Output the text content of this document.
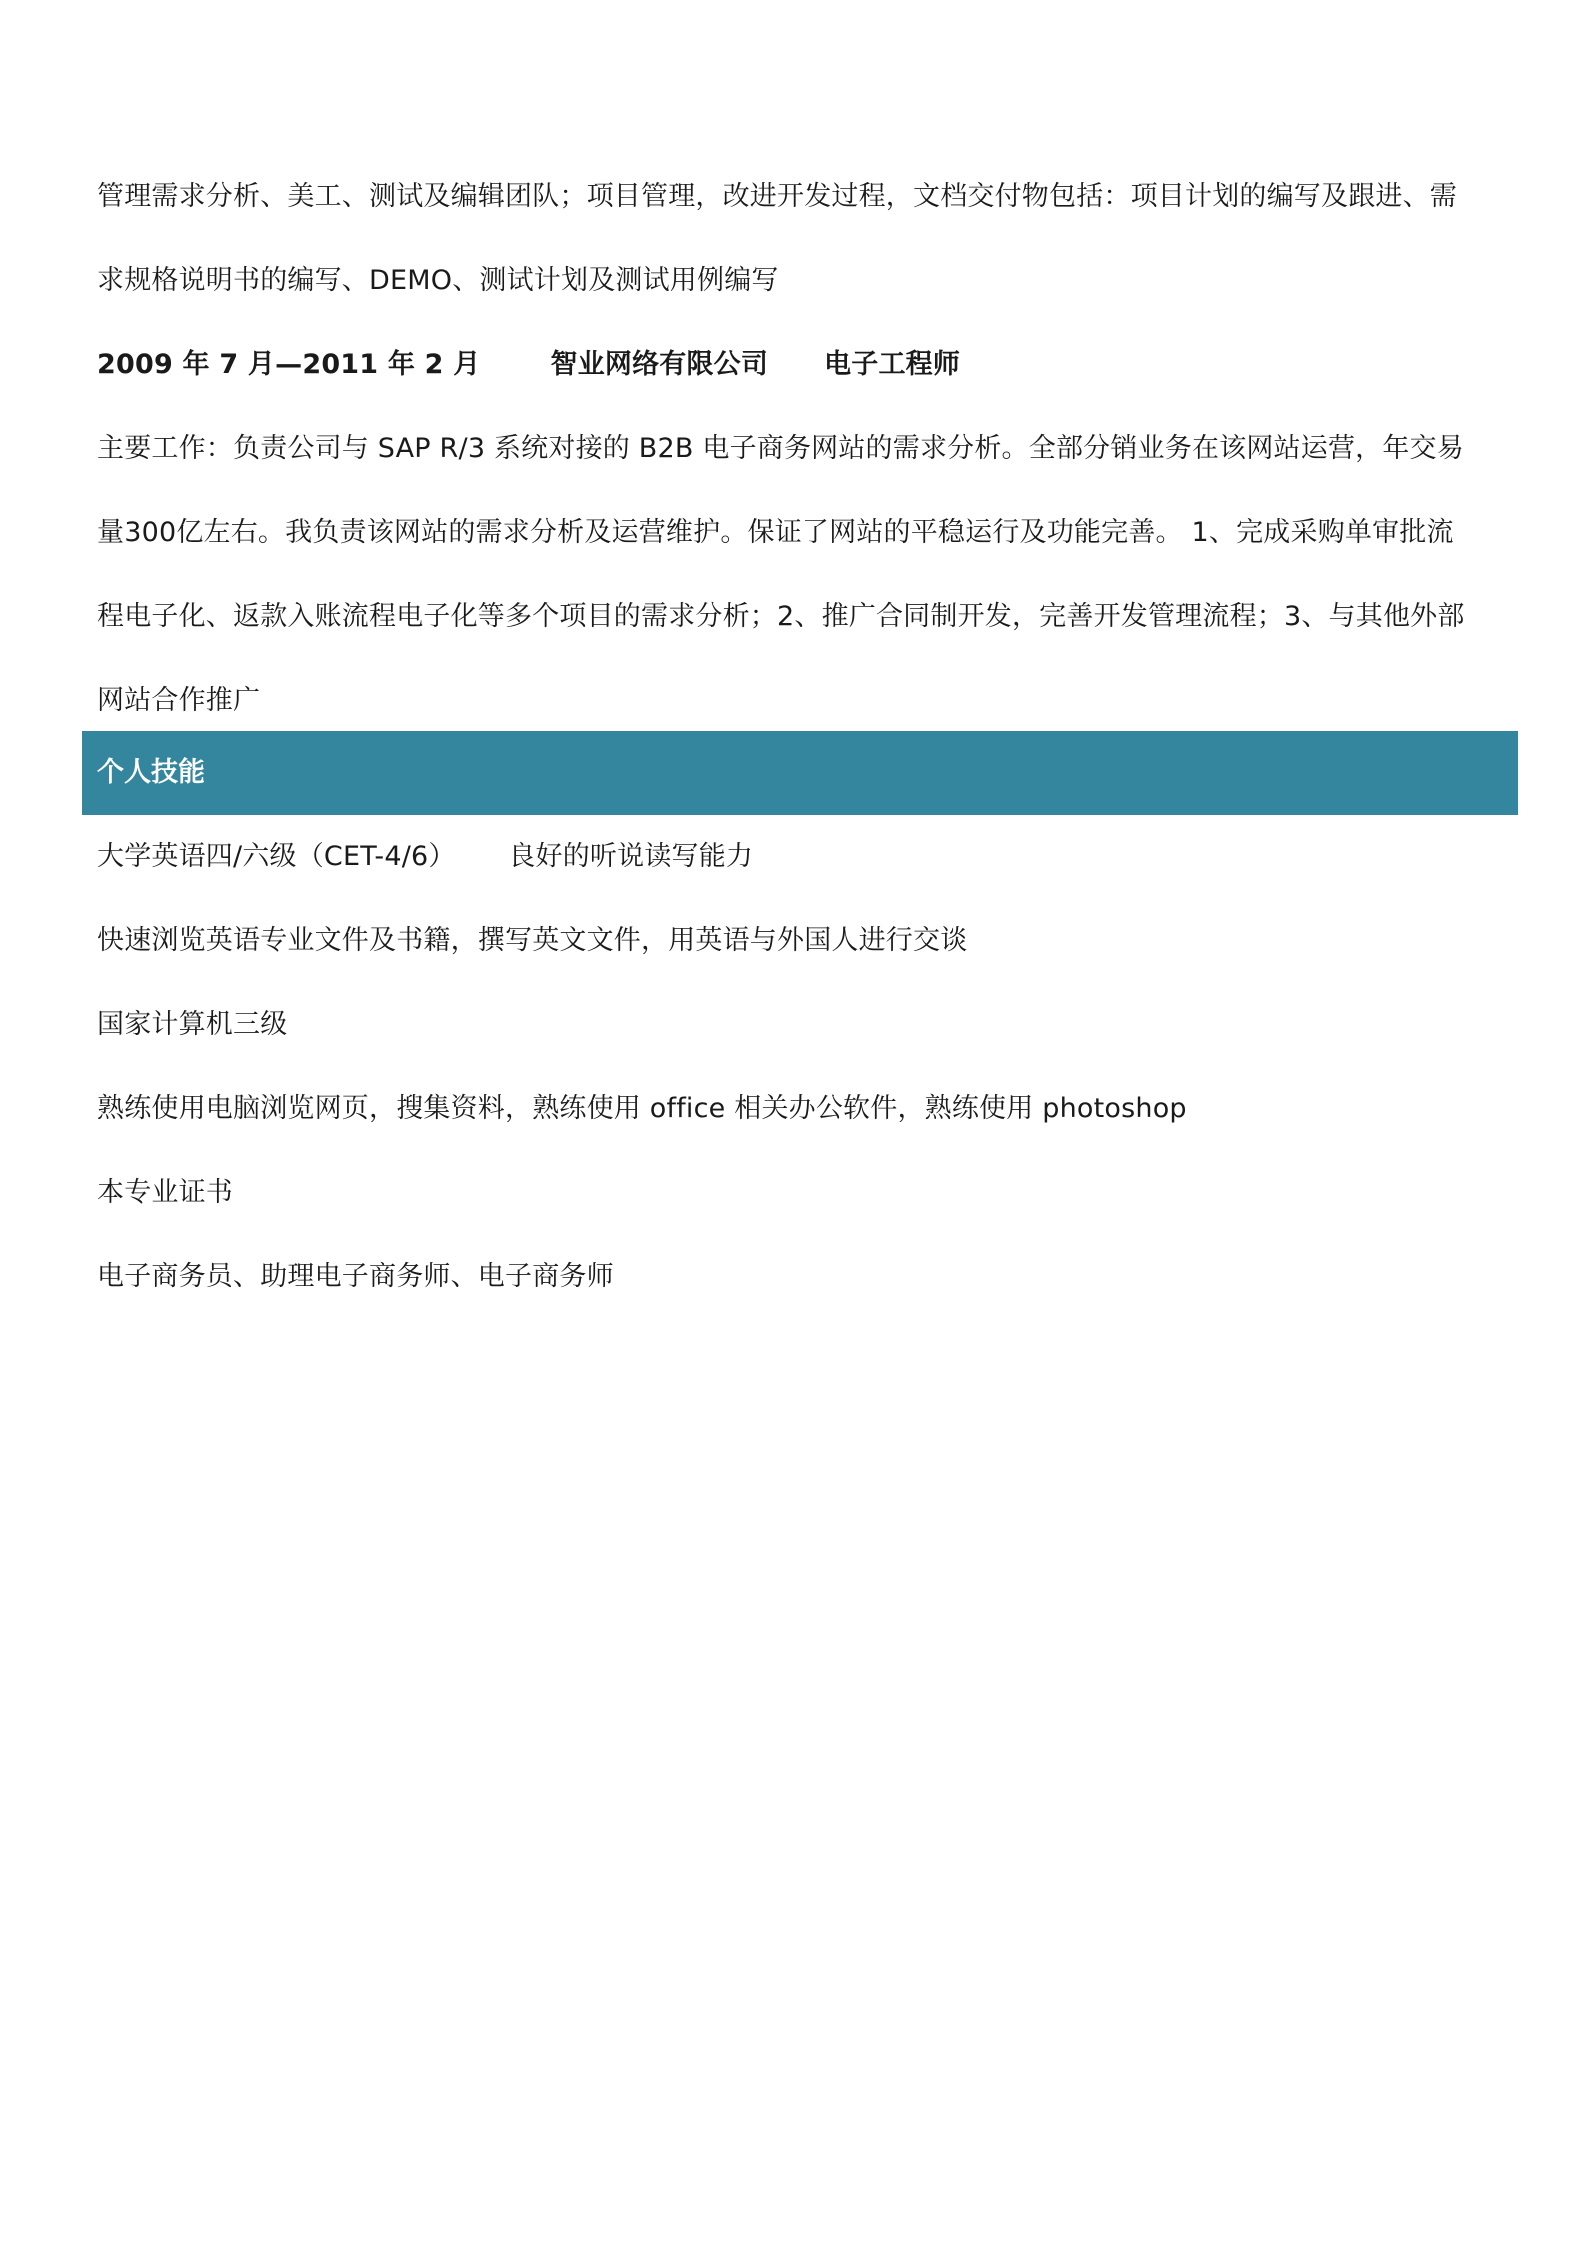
管理需求分析、美工、测试及编辑团队；项目管理，改进开发过程，文档交付物包括：项目计划的编写及跟进、需
求规格说明书的编写、DEMO、测试计划及测试用例编写
2009 年 7 月—2011 年 2 月	智业网络有限公司 电子工程师
主要工作：负责公司与 SAP R/3 系统对接的 B2B 电子商务网站的需求分析。全部分销业务在该网站运营，年交易
量300亿左右。我负责该网站的需求分析及运营维护。保证了网站的平稳运行及功能完善。 1、完成采购单审批流
程电子化、返款入账流程电子化等多个项目的需求分析；2、推广合同制开发，完善开发管理流程；3、与其他外部
网站合作推广
个人技能
大学英语四/六级（CET-4/6）      良好的听说读写能力
快速浏览英语专业文件及书籍，撰写英文文件，用英语与外国人进行交谈
国家计算机三级
熟练使用电脑浏览网页，搜集资料，熟练使用 office 相关办公软件，熟练使用 photoshop
本专业证书
电子商务员、助理电子商务师、电子商务师
